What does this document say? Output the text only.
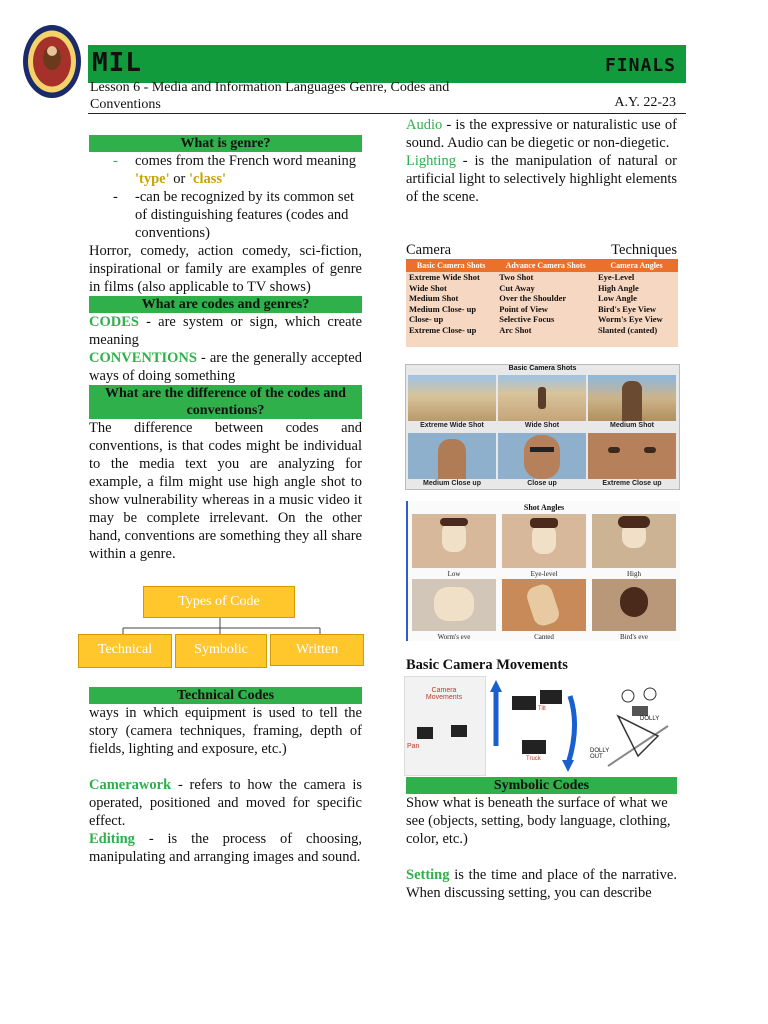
MIL	FINALS
Lesson 6 - Media and Information Languages Genre, Codes and Conventions	A.Y. 22-23
What is genre?
- comes from the French word meaning 'type' or 'class'
- -can be recognized by its common set of distinguishing features (codes and conventions)
Horror, comedy, action comedy, sci-fiction, inspirational or family are examples of genre in films (also applicable to TV shows)
What are codes and genres?
CODES - are system or sign, which create meaning
CONVENTIONS - are the generally accepted ways of doing something
What are the difference of the codes and conventions?
The difference between codes and conventions, is that codes might be individual to the media text you are analyzing for example, a film might use high angle shot to show vulnerability whereas in a music video it may be complete irrelevant. On the other hand, conventions are something they all share within a genre.
Types of Code
Technical	Symbolic	Written
Technical Codes
ways in which equipment is used to tell the story (camera techniques, framing, depth of fields, lighting and exposure, etc.)
Camerawork - refers to how the camera is operated, positioned and moved for specific effect.
Editing - is the process of choosing, manipulating and arranging images and sound.
Audio - is the expressive or naturalistic use of sound. Audio can be diegetic or non-diegetic.
Lighting - is the manipulation of natural or artificial light to selectively highlight elements of the scene.
Camera	Techniques
Basic Camera Shots	Advance Camera Shots	Camera Angles
Extreme Wide Shot	Two Shot	Eye-Level
Wide Shot	Cut Away	High Angle
Medium Shot	Over the Shoulder	Low Angle
Medium Close- up	Point of View	Bird's Eye View
Close- up	Selective Focus	Worm's Eye View
Extreme Close- up	Arc Shot	Slanted (canted)
Basic Camera Shots
Extreme Wide Shot	Wide Shot	Medium Shot
Medium Close up	Close up	Extreme Close up
Shot Angles
Low	Eye-level	High
Worm's eve	Canted	Bird's eve
Basic Camera Movements
Camera Movements
Pan
Tilt
Truck
DOLLY
DOLLY OUT
Symbolic Codes
Show what is beneath the surface of what we see (objects, setting, body language, clothing, color, etc.)
Setting is the time and place of the narrative. When discussing setting, you can describe
